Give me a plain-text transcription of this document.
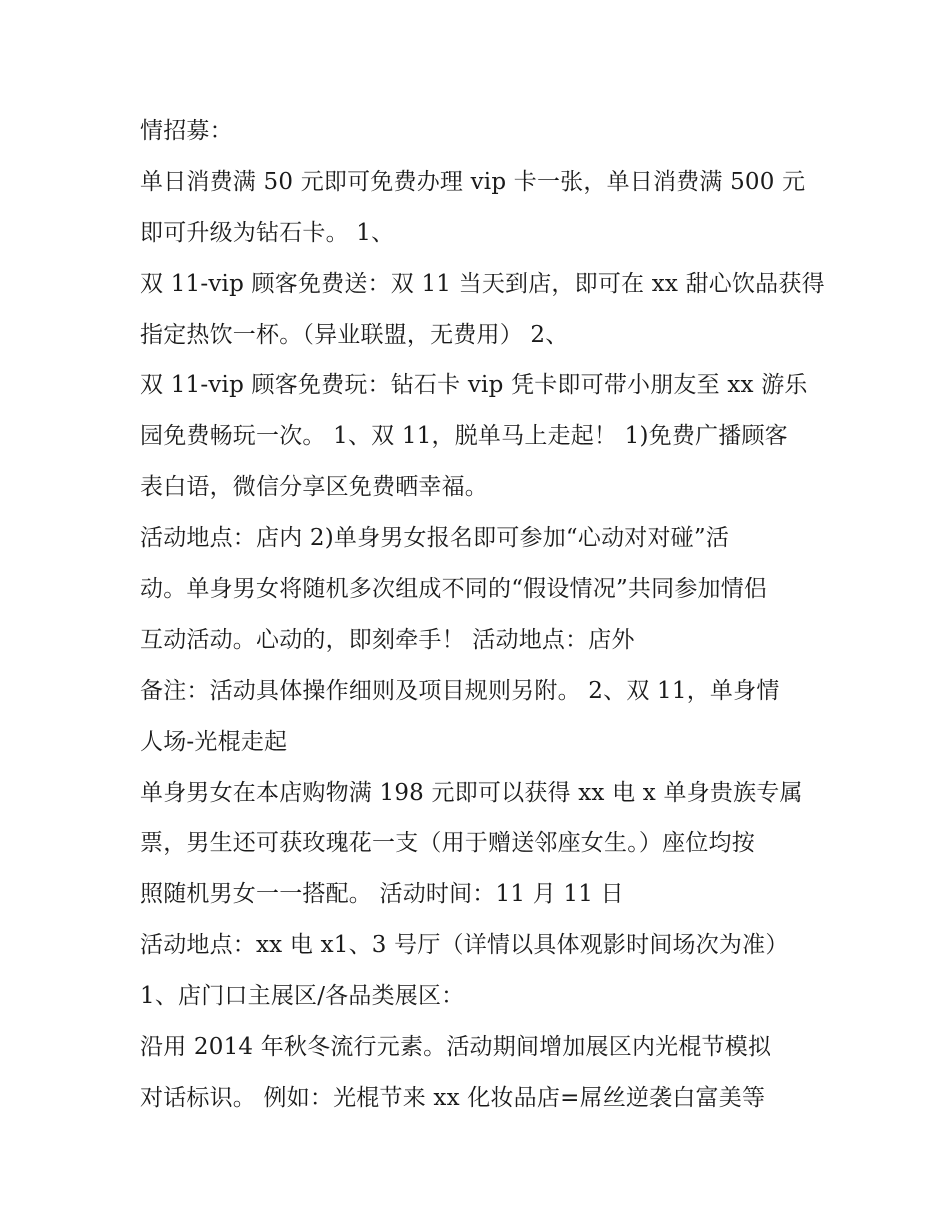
情招募：
单日消费满 50 元即可免费办理 vip 卡一张，单日消费满 500 元
即可升级为钻石卡。 1、
双 11-vip 顾客免费送：双 11 当天到店，即可在 xx 甜心饮品获得
指定热饮一杯。（异业联盟，无费用） 2、
双 11-vip 顾客免费玩：钻石卡 vip 凭卡即可带小朋友至 xx 游乐
园免费畅玩一次。 1、双 11，脱单马上走起！ 1)免费广播顾客
表白语，微信分享区免费晒幸福。
活动地点：店内 2)单身男女报名即可参加“心动对对碰”活
动。单身男女将随机多次组成不同的“假设情况”共同参加情侣
互动活动。心动的，即刻牵手！ 活动地点：店外
备注：活动具体操作细则及项目规则另附。 2、双 11，单身情
人场-光棍走起
单身男女在本店购物满 198 元即可以获得 xx 电 x 单身贵族专属
票，男生还可获玫瑰花一支（用于赠送邻座女生。）座位均按
照随机男女一一搭配。 活动时间：11 月 11 日
活动地点：xx 电 x1、3 号厅（详情以具体观影时间场次为准）
1、店门口主展区/各品类展区：
沿用 2014 年秋冬流行元素。活动期间增加展区内光棍节模拟
对话标识。 例如：光棍节来 xx 化妆品店=屌丝逆袭白富美等
